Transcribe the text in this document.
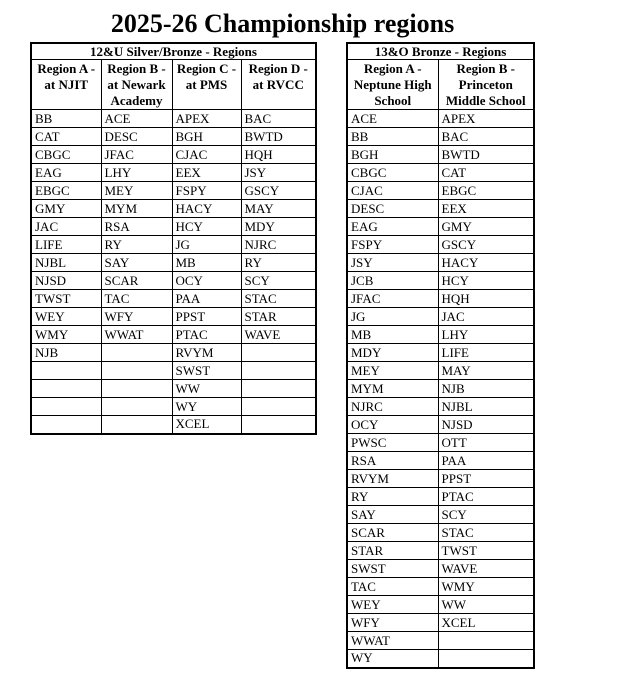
2025-26 Championship regions
12&U Silver/Bronze - Regions			
Region A - at NJIT	Region B - at Newark Academy	Region C - at PMS	Region D - at RVCC
BB	ACE	APEX	BAC
CAT	DESC	BGH	BWTD
CBGC	JFAC	CJAC	HQH
EAG	LHY	EEX	JSY
EBGC	MEY	FSPY	GSCY
GMY	MYM	HACY	MAY
JAC	RSA	HCY	MDY
LIFE	RY	JG	NJRC
NJBL	SAY	MB	RY
NJSD	SCAR	OCY	SCY
TWST	TAC	PAA	STAC
WEY	WFY	PPST	STAR
WMY	WWAT	PTAC	WAVE
NJB		RVYM	
		SWST	
		WW	
		WY	
		XCEL	
13&O Bronze - Regions	
Region A - Neptune High School	Region B - Princeton Middle School
ACE	APEX
BB	BAC
BGH	BWTD
CBGC	CAT
CJAC	EBGC
DESC	EEX
EAG	GMY
FSPY	GSCY
JSY	HACY
JCB	HCY
JFAC	HQH
JG	JAC
MB	LHY
MDY	LIFE
MEY	MAY
MYM	NJB
NJRC	NJBL
OCY	NJSD
PWSC	OTT
RSA	PAA
RVYM	PPST
RY	PTAC
SAY	SCY
SCAR	STAC
STAR	TWST
SWST	WAVE
TAC	WMY
WEY	WW
WFY	XCEL
WWAT	
WY	
